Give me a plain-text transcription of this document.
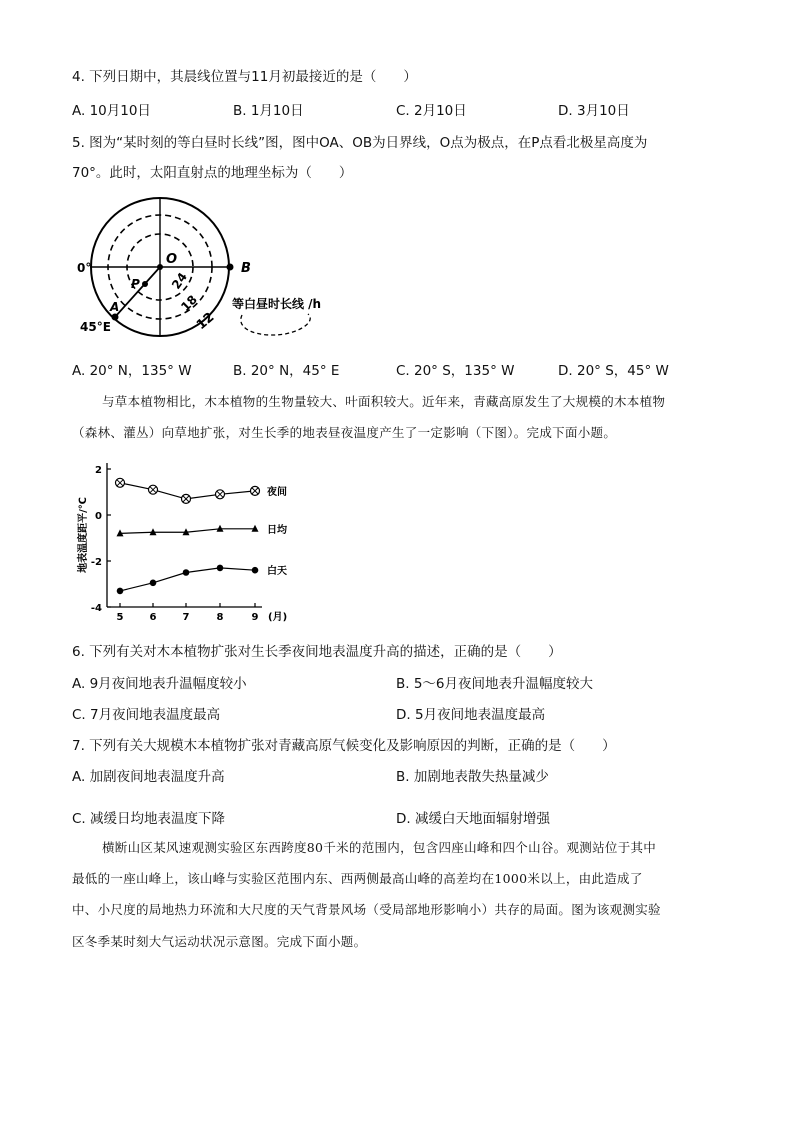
4. 下列日期中，其晨线位置与11月初最接近的是（　　）
A. 10月10日	B. 1月10日	C. 2月10日	D. 3月10日
5. 图为“某时刻的等白昼时长线”图，图中OA、OB为日界线，O点为极点，在P点看北极星高度为
70°。此时，太阳直射点的地理坐标为（　　）
0°
O
B
P
A
45°E
24
18
12
等白昼时长线 /h
A. 20° N，135° W	B. 20° N，45° E	C. 20° S，135° W	D. 20° S，45° W
与草本植物相比，木本植物的生物量较大、叶面积较大。近年来，青藏高原发生了大规模的木本植物
（森林、灌丛）向草地扩张，对生长季的地表昼夜温度产生了一定影响（下图）。完成下面小题。
地表温度距平/℃
2
0
-2
-4
5	6	7	8	9
夜间
日均
白天
(月)
6. 下列有关对木本植物扩张对生长季夜间地表温度升高的描述，正确的是（　　）
A. 9月夜间地表升温幅度较小	B. 5～6月夜间地表升温幅度较大
C. 7月夜间地表温度最高	D. 5月夜间地表温度最高
7. 下列有关大规模木本植物扩张对青藏高原气候变化及影响原因的判断，正确的是（　　）
A. 加剧夜间地表温度升高	B. 加剧地表散失热量减少
C. 减缓日均地表温度下降	D. 减缓白天地面辐射增强
横断山区某风速观测实验区东西跨度80千米的范围内，包含四座山峰和四个山谷。观测站位于其中
最低的一座山峰上，该山峰与实验区范围内东、西两侧最高山峰的高差均在1000米以上，由此造成了
中、小尺度的局地热力环流和大尺度的天气背景风场（受局部地形影响小）共存的局面。图为该观测实验
区冬季某时刻大气运动状况示意图。完成下面小题。
